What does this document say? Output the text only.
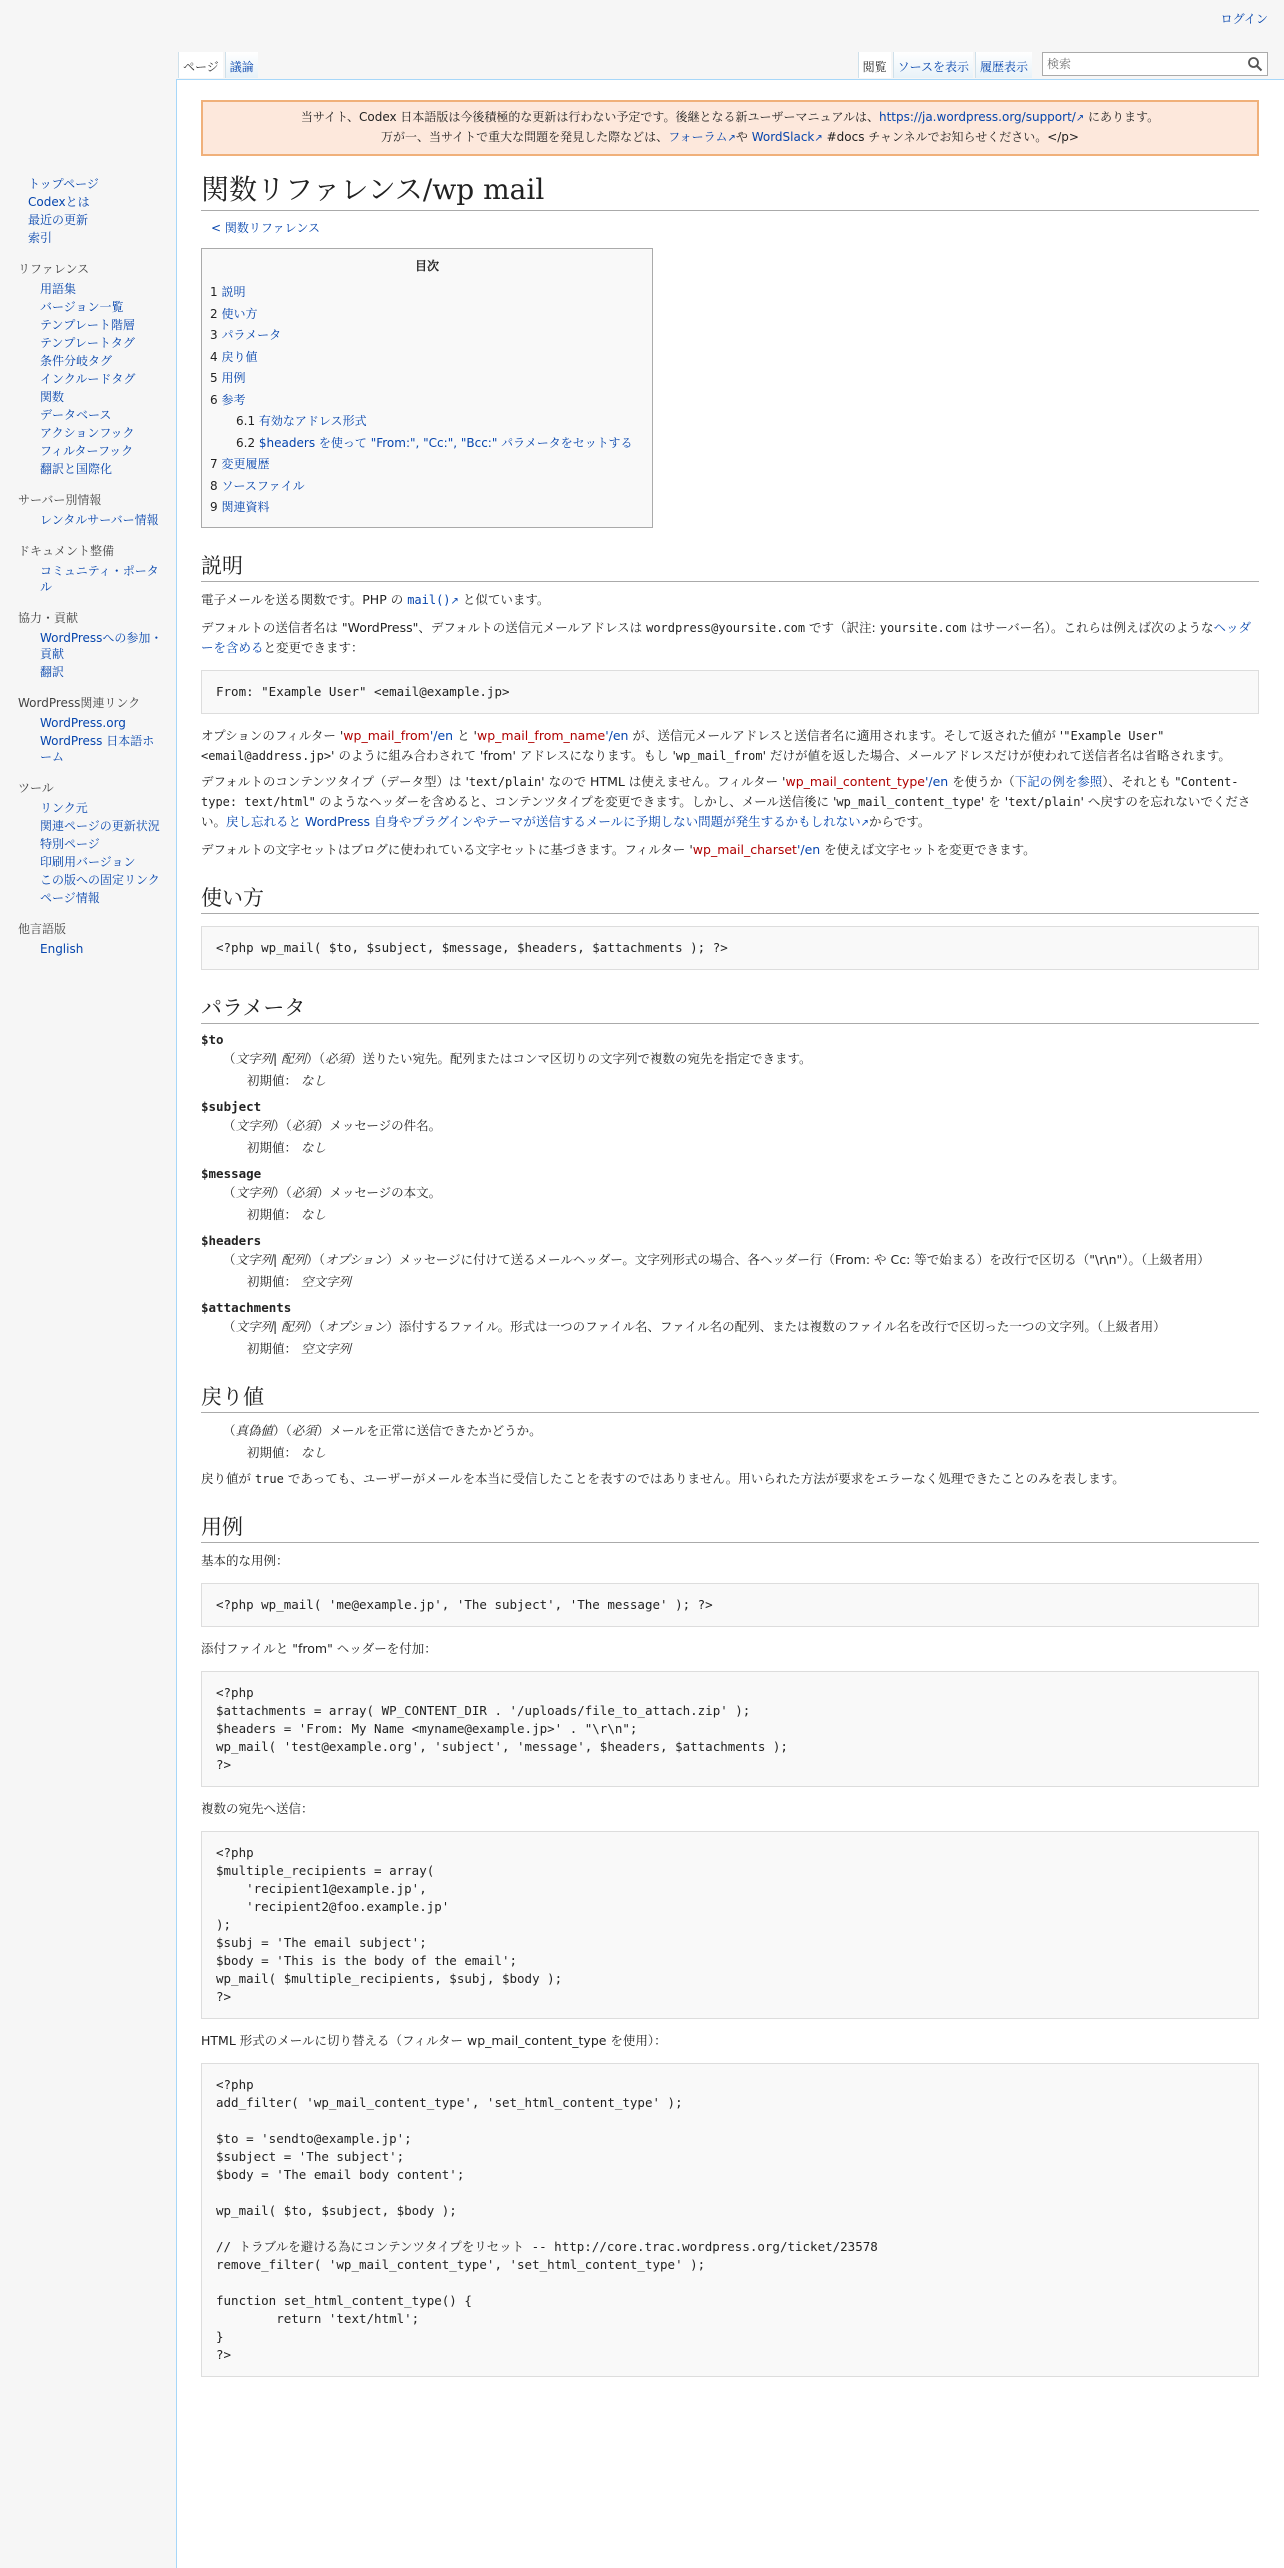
ログイン
ページ 議論	閲覧 ソースを表示 履歴表示
検索
トップページ
Codexとは
最近の更新
索引
リファレンス
用語集
バージョン一覧
テンプレート階層
テンプレートタグ
条件分岐タグ
インクルードタグ
関数
データベース
アクションフック
フィルターフック
翻訳と国際化
サーバー別情報
レンタルサーバー情報
ドキュメント整備
コミュニティ・ポータル
協力・貢献
WordPressへの参加・貢献
翻訳
WordPress関連リンク
WordPress.org
WordPress 日本語ホーム
ツール
リンク元
関連ページの更新状況
特別ページ
印刷用バージョン
この版への固定リンク
ページ情報
他言語版
English
当サイト、Codex 日本語版は今後積極的な更新は行わない予定です。後継となる新ユーザーマニュアルは、https://ja.wordpress.org/support/↗ にあります。
万が一、当サイトで重大な問題を発見した際などは、フォーラム↗や WordSlack↗ #docs チャンネルでお知らせください。</p>
関数リファレンス/wp mail
< 関数リファレンス
目次
1 説明
2 使い方
3 パラメータ
4 戻り値
5 用例
6 参考
6.1 有効なアドレス形式
6.2 $headers を使って "From:", "Cc:", "Bcc:" パラメータをセットする
7 変更履歴
8 ソースファイル
9 関連資料
説明

電子メールを送る関数です。PHP の mail()↗ と似ています。

デフォルトの送信者名は "WordPress"、デフォルトの送信元メールアドレスは wordpress@yoursite.com です（訳注: yoursite.com はサーバー名）。これらは例えば次のようなヘッダーを含めると変更できます：

From: "Example User" <email@example.jp>

オプションのフィルター 'wp_mail_from'/en と 'wp_mail_from_name'/en が、送信元メールアドレスと送信者名に適用されます。そして返された値が '"Example User" <email@address.jp>' のように組み合わされて 'from' アドレスになります。もし 'wp_mail_from' だけが値を返した場合、メールアドレスだけが使われて送信者名は省略されます。

デフォルトのコンテンツタイプ（データ型）は 'text/plain' なので HTML は使えません。フィルター 'wp_mail_content_type'/en を使うか（下記の例を参照）、それとも "Content-type: text/html" のようなヘッダーを含めると、コンテンツタイプを変更できます。しかし、メール送信後に 'wp_mail_content_type' を 'text/plain' へ戻すのを忘れないでください。戻し忘れると WordPress 自身やプラグインやテーマが送信するメールに予期しない問題が発生するかもしれない↗からです。

デフォルトの文字セットはブログに使われている文字セットに基づきます。フィルター 'wp_mail_charset'/en を使えば文字セットを変更できます。

使い方
<?php wp_mail( $to, $subject, $message, $headers, $attachments ); ?>
パラメータ
$to
（文字列| 配列）（必須）送りたい宛先。配列またはコンマ区切りの文字列で複数の宛先を指定できます。
初期値： なし
$subject
（文字列）（必須）メッセージの件名。
初期値： なし
$message
（文字列）（必須）メッセージの本文。
初期値： なし
$headers
（文字列| 配列）（オプション）メッセージに付けて送るメールヘッダー。文字列形式の場合、各ヘッダー行（From: や Cc: 等で始まる）を改行で区切る（"\r\n"）。（上級者用）
初期値： 空文字列
$attachments
（文字列| 配列）（オプション）添付するファイル。形式は一つのファイル名、ファイル名の配列、または複数のファイル名を改行で区切った一つの文字列。（上級者用）
初期値： 空文字列
戻り値
（真偽値）（必須）メールを正常に送信できたかどうか。
初期値： なし

戻り値が true であっても、ユーザーがメールを本当に受信したことを表すのではありません。用いられた方法が要求をエラーなく処理できたことのみを表します。

用例

基本的な用例：

<?php wp_mail( 'me@example.jp', 'The subject', 'The message' ); ?>

添付ファイルと "from" ヘッダーを付加：

<?php
$attachments = array( WP_CONTENT_DIR . '/uploads/file_to_attach.zip' );
$headers = 'From: My Name <myname@example.jp>' . "\r\n";
wp_mail( 'test@example.org', 'subject', 'message', $headers, $attachments );
?>

複数の宛先へ送信：

<?php
$multiple_recipients = array(
'recipient1@example.jp',
'recipient2@foo.example.jp'
);
$subj = 'The email subject';
$body = 'This is the body of the email';
wp_mail( $multiple_recipients, $subj, $body );
?>

HTML 形式のメールに切り替える（フィルター wp_mail_content_type を使用）：

<?php
add_filter( 'wp_mail_content_type', 'set_html_content_type' );

$to = 'sendto@example.jp';
$subject = 'The subject';
$body = 'The email body content';

wp_mail( $to, $subject, $body );

// トラブルを避ける為にコンテンツタイプをリセット -- http://core.trac.wordpress.org/ticket/23578
remove_filter( 'wp_mail_content_type', 'set_html_content_type' );

function set_html_content_type() {
return 'text/html';
}
?>
